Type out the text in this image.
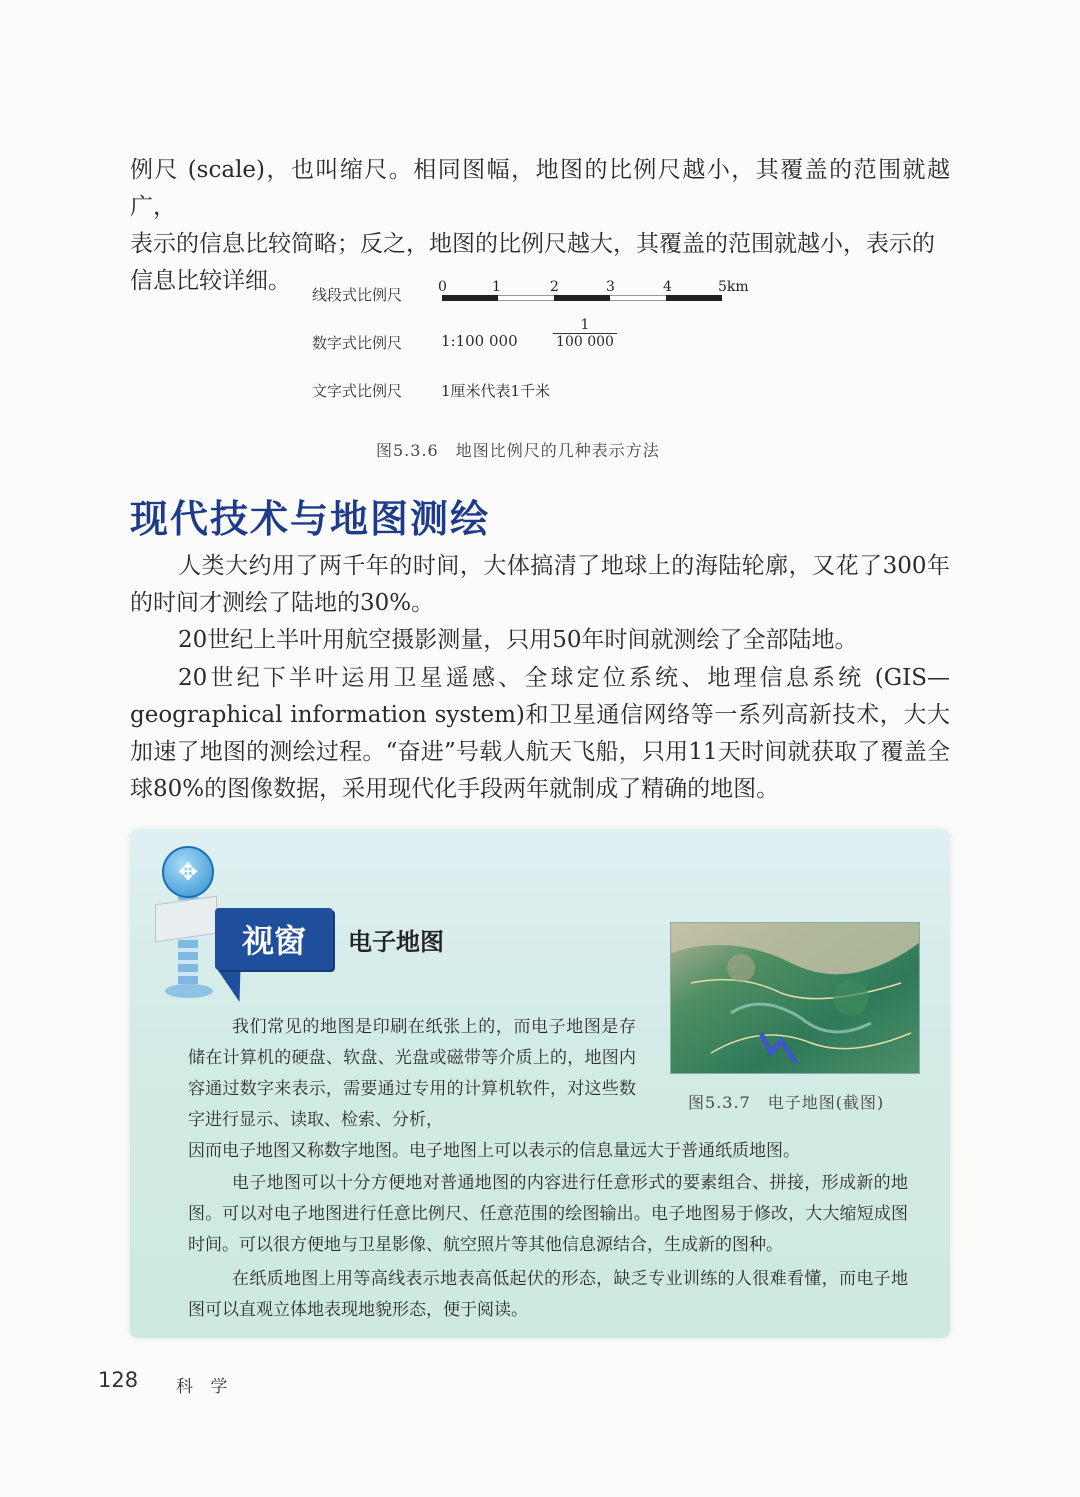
例尺 (scale)，也叫缩尺。相同图幅，地图的比例尺越小，其覆盖的范围就越广，
表示的信息比较简略；反之，地图的比例尺越大，其覆盖的范围就越小，表示的
信息比较详细。
线段式比例尺	0	1	2	3	4	5km
数字式比例尺	1:100 000	$\frac{1}{100 000}$
文字式比例尺	1厘米代表1千米
图5.3.6　地图比例尺的几种表示方法
现代技术与地图测绘

人类大约用了两千年的时间，大体搞清了地球上的海陆轮廓，又花了300年的时间才测绘了陆地的30%。

20世纪上半叶用航空摄影测量，只用50年时间就测绘了全部陆地。

20世纪下半叶运用卫星遥感、全球定位系统、地理信息系统 (GIS—geographical information system)和卫星通信网络等一系列高新技术，大大加速了地图的测绘过程。“奋进”号载人航天飞船，只用11天时间就获取了覆盖全球80%的图像数据，采用现代化手段两年就制成了精确的地图。

✥
视窗	电子地图
图5.3.7　电子地图(截图)

我们常见的地图是印刷在纸张上的，而电子地图是存储在计算机的硬盘、软盘、光盘或磁带等介质上的，地图内容通过数字来表示，需要通过专用的计算机软件，对这些数字进行显示、读取、检索、分析，

因而电子地图又称数字地图。电子地图上可以表示的信息量远大于普通纸质地图。

电子地图可以十分方便地对普通地图的内容进行任意形式的要素组合、拼接，形成新的地图。可以对电子地图进行任意比例尺、任意范围的绘图输出。电子地图易于修改，大大缩短成图时间。可以很方便地与卫星影像、航空照片等其他信息源结合，生成新的图种。

在纸质地图上用等高线表示地表高低起伏的形态，缺乏专业训练的人很难看懂，而电子地图可以直观立体地表现地貌形态，便于阅读。

128 科 学
